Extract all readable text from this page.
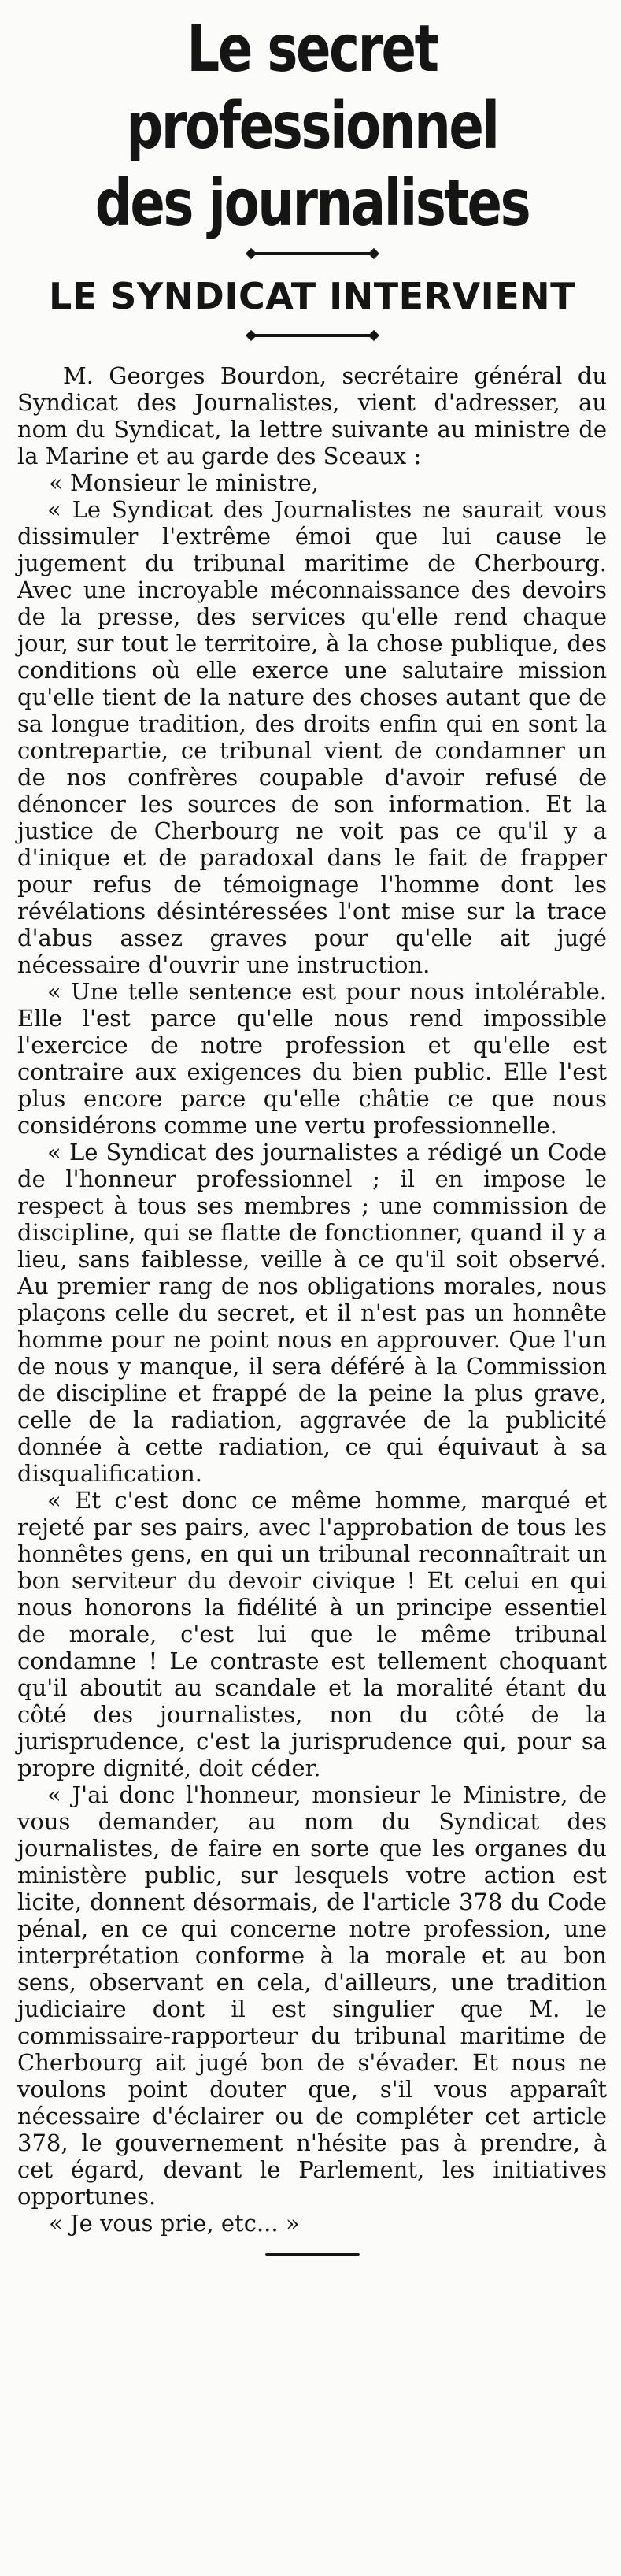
Le secret professionnel des journalistes
LE SYNDICAT INTERVIENT

M. Georges Bourdon, secrétaire général du Syndicat des Journalistes, vient d'adresser, au nom du Syndicat, la lettre suivante au ministre de la Marine et au garde des Sceaux :

« Monsieur le ministre,

« Le Syndicat des Journalistes ne saurait vous dissimuler l'extrême émoi que lui cause le jugement du tribunal maritime de Cherbourg. Avec une incroyable méconnaissance des devoirs de la presse, des services qu'elle rend chaque jour, sur tout le territoire, à la chose publique, des conditions où elle exerce une salutaire mission qu'elle tient de la nature des choses autant que de sa longue tradition, des droits enfin qui en sont la contrepartie, ce tribunal vient de condamner un de nos confrères coupable d'avoir refusé de dénoncer les sources de son information. Et la justice de Cherbourg ne voit pas ce qu'il y a d'inique et de paradoxal dans le fait de frapper pour refus de témoignage l'homme dont les révélations désintéressées l'ont mise sur la trace d'abus assez graves pour qu'elle ait jugé nécessaire d'ouvrir une instruction.

« Une telle sentence est pour nous intolérable. Elle l'est parce qu'elle nous rend impossible l'exercice de notre profession et qu'elle est contraire aux exigences du bien public. Elle l'est plus encore parce qu'elle châtie ce que nous considérons comme une vertu professionnelle.

« Le Syndicat des journalistes a rédigé un Code de l'honneur professionnel ; il en impose le respect à tous ses membres ; une commission de discipline, qui se flatte de fonctionner, quand il y a lieu, sans faiblesse, veille à ce qu'il soit observé. Au premier rang de nos obligations morales, nous plaçons celle du secret, et il n'est pas un honnête homme pour ne point nous en approuver. Que l'un de nous y manque, il sera déféré à la Commission de discipline et frappé de la peine la plus grave, celle de la radiation, aggravée de la publicité donnée à cette radiation, ce qui équivaut à sa disqualification.

« Et c'est donc ce même homme, marqué et rejeté par ses pairs, avec l'approbation de tous les honnêtes gens, en qui un tribunal reconnaîtrait un bon serviteur du devoir civique ! Et celui en qui nous honorons la fidélité à un principe essentiel de morale, c'est lui que le même tribunal condamne ! Le contraste est tellement choquant qu'il aboutit au scandale et la moralité étant du côté des journalistes, non du côté de la jurisprudence, c'est la jurisprudence qui, pour sa propre dignité, doit céder.

« J'ai donc l'honneur, monsieur le Ministre, de vous demander, au nom du Syndicat des journalistes, de faire en sorte que les organes du ministère public, sur lesquels votre action est licite, donnent désormais, de l'article 378 du Code pénal, en ce qui concerne notre profession, une interprétation conforme à la morale et au bon sens, observant en cela, d'ailleurs, une tradition judiciaire dont il est singulier que M. le commissaire-rapporteur du tribunal maritime de Cherbourg ait jugé bon de s'évader. Et nous ne voulons point douter que, s'il vous apparaît nécessaire d'éclairer ou de compléter cet article 378, le gouvernement n'hésite pas à prendre, à cet égard, devant le Parlement, les initiatives opportunes.

« Je vous prie, etc... »
